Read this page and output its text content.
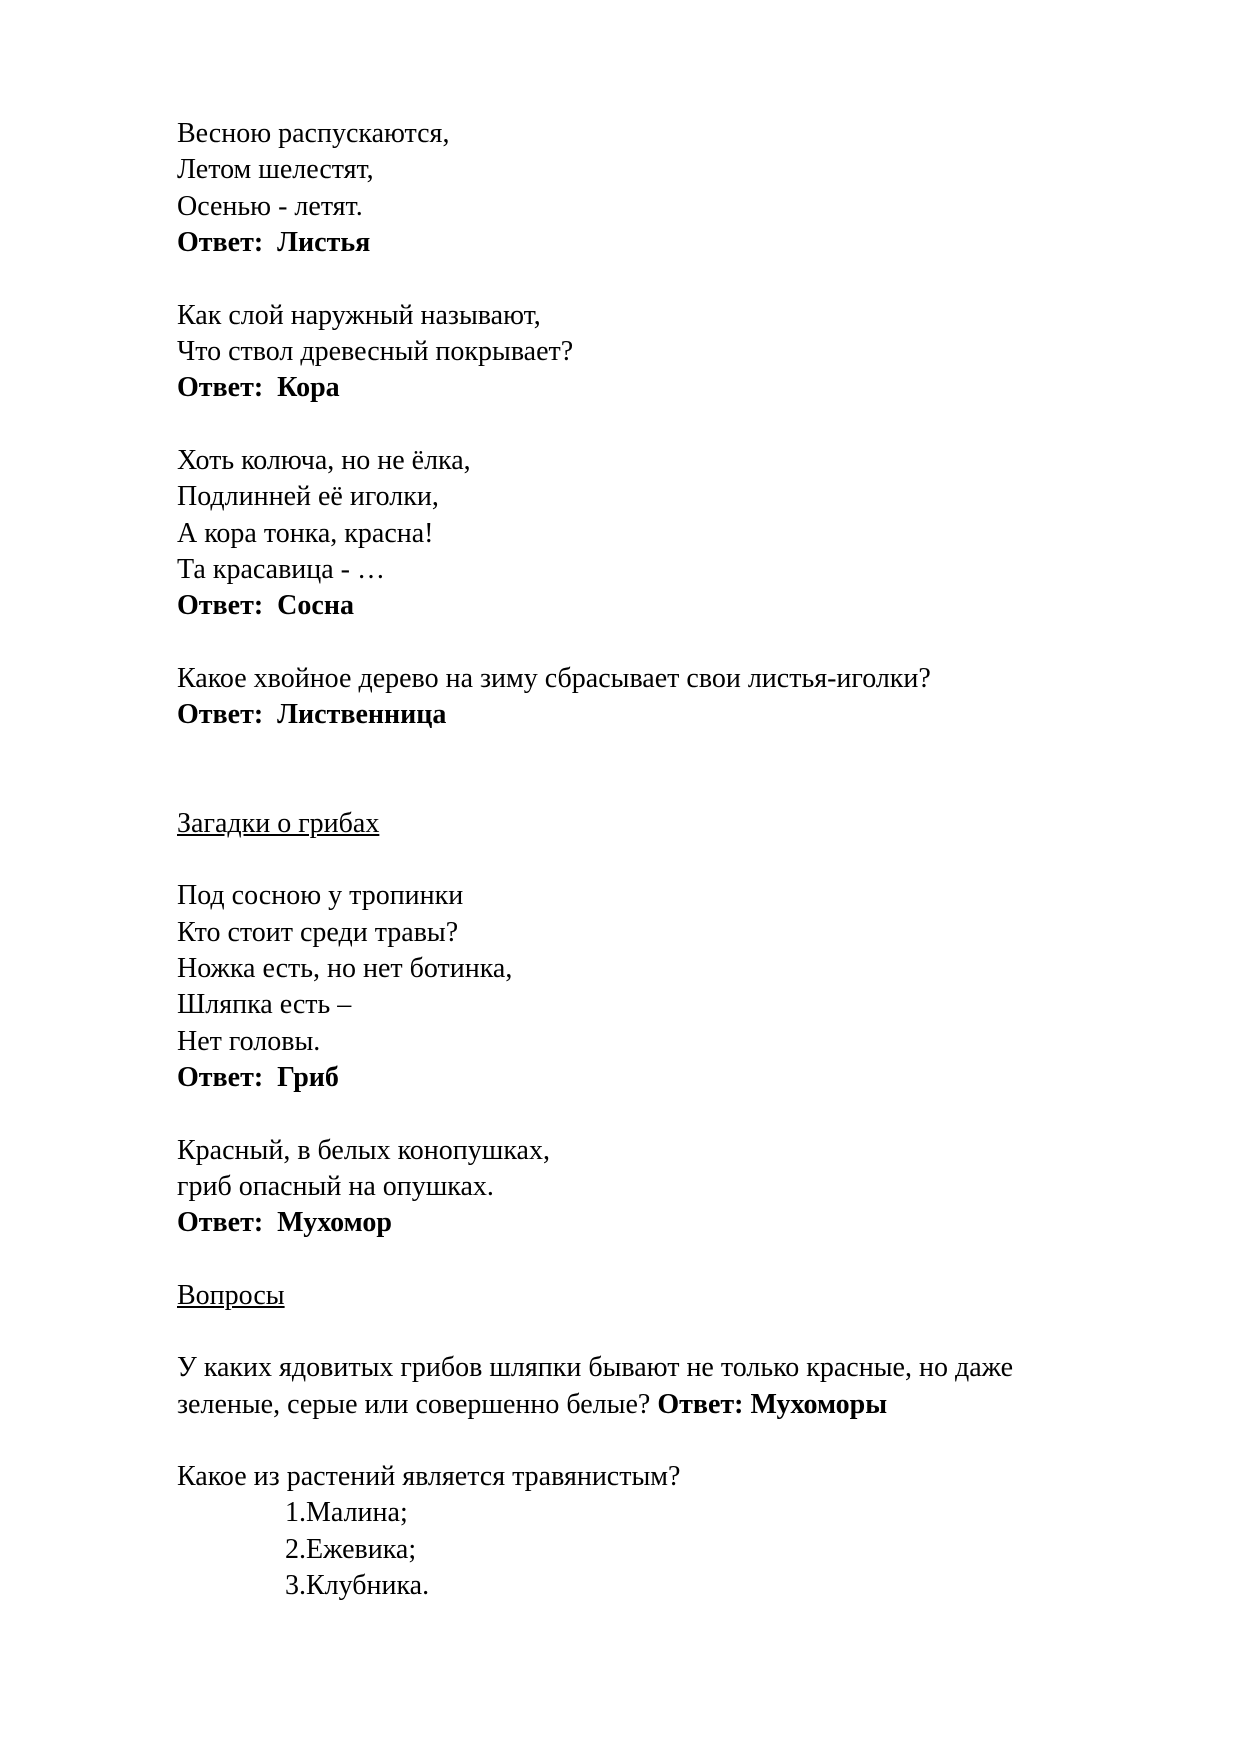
Весною распускаются,
Летом шелестят,
Осенью - летят.
Ответ: Листья
Как слой наружный называют,
Что ствол древесный покрывает?
Ответ: Кора
Хоть колюча, но не ёлка,
Подлинней её иголки,
А кора тонка, красна!
Та красавица - …
Ответ: Сосна
Какое хвойное дерево на зиму сбрасывает свои листья-иголки?
Ответ: Лиственница
Загадки о грибах
Под сосною у тропинки
Кто стоит среди травы?
Ножка есть, но нет ботинка,
Шляпка есть –
Нет головы.
Ответ: Гриб
Красный, в белых конопушках,
гриб опасный на опушках.
Ответ: Мухомор
Вопросы
У каких ядовитых грибов шляпки бывают не только красные, но даже
зеленые, серые или совершенно белые? Ответ: Мухоморы
Какое из растений является травянистым?
1.Малина;
2.Ежевика;
3.Клубника.
